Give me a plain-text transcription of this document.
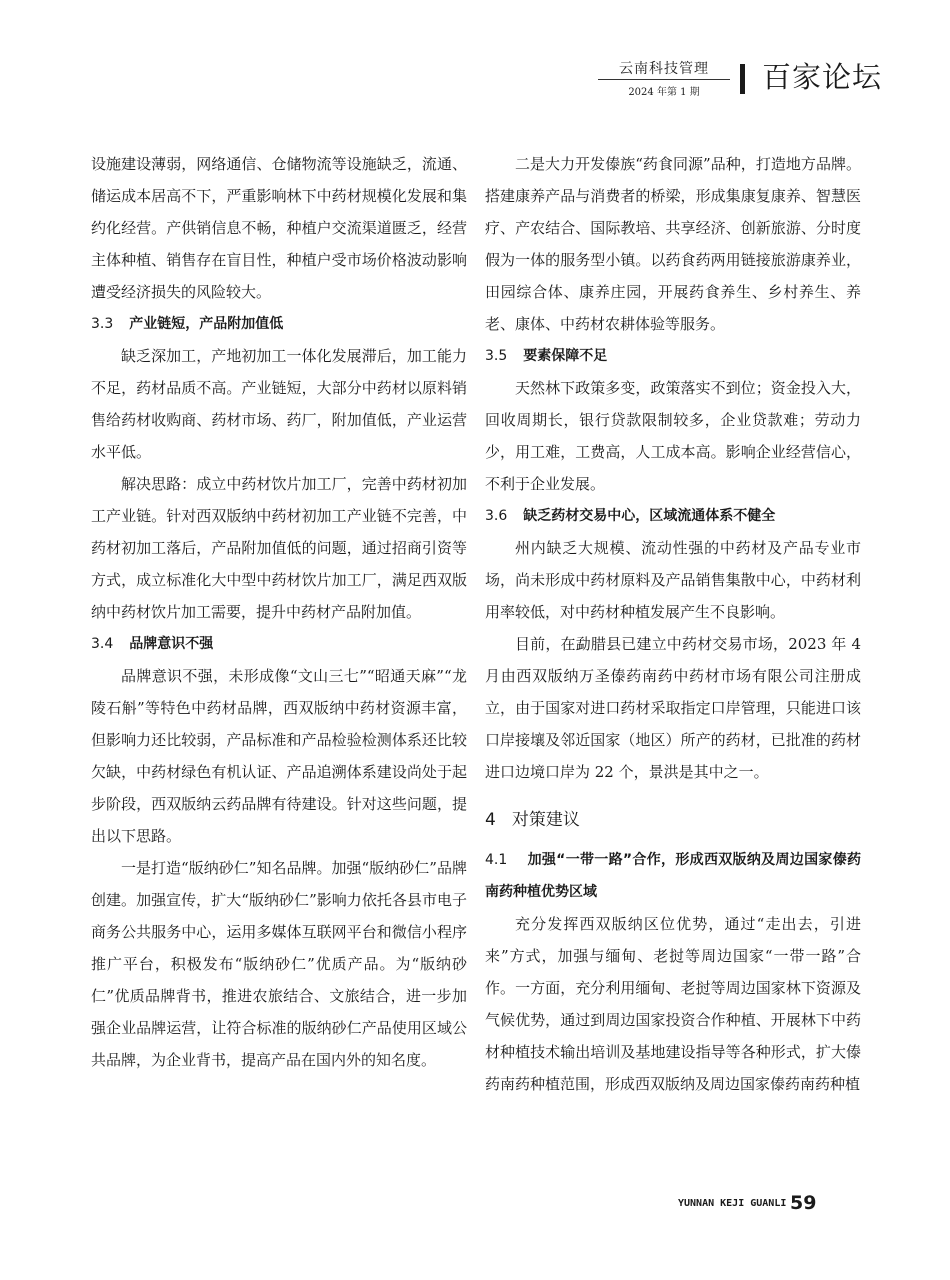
云南科技管理
2024 年第 1 期	百家论坛

设施建设薄弱，网络通信、仓储物流等设施缺乏，流通、储运成本居高不下，严重影响林下中药材规模化发展和集约化经营。产供销信息不畅，种植户交流渠道匮乏，经营主体种植、销售存在盲目性，种植户受市场价格波动影响遭受经济损失的风险较大。

3.3 产业链短，产品附加值低

缺乏深加工，产地初加工一体化发展滞后，加工能力不足，药材品质不高。产业链短，大部分中药材以原料销售给药材收购商、药材市场、药厂，附加值低，产业运营水平低。

解决思路：成立中药材饮片加工厂，完善中药材初加工产业链。针对西双版纳中药材初加工产业链不完善，中药材初加工落后，产品附加值低的问题，通过招商引资等方式，成立标准化大中型中药材饮片加工厂，满足西双版纳中药材饮片加工需要，提升中药材产品附加值。

3.4 品牌意识不强

品牌意识不强，未形成像“文山三七”“昭通天麻”“龙陵石斛”等特色中药材品牌，西双版纳中药材资源丰富，但影响力还比较弱，产品标准和产品检验检测体系还比较欠缺，中药材绿色有机认证、产品追溯体系建设尚处于起步阶段，西双版纳云药品牌有待建设。针对这些问题，提出以下思路。

一是打造“版纳砂仁”知名品牌。加强“版纳砂仁”品牌创建。加强宣传，扩大“版纳砂仁”影响力依托各县市电子商务公共服务中心，运用多媒体互联网平台和微信小程序推广平台，积极发布“版纳砂仁”优质产品。为“版纳砂仁”优质品牌背书，推进农旅结合、文旅结合，进一步加强企业品牌运营，让符合标准的版纳砂仁产品使用区域公共品牌，为企业背书，提高产品在国内外的知名度。

二是大力开发傣族“药食同源”品种，打造地方品牌。搭建康养产品与消费者的桥梁，形成集康复康养、智慧医疗、产农结合、国际教培、共享经济、创新旅游、分时度假为一体的服务型小镇。以药食药两用链接旅游康养业，田园综合体、康养庄园，开展药食养生、乡村养生、养老、康体、中药材农耕体验等服务。

3.5 要素保障不足

天然林下政策多变，政策落实不到位；资金投入大，回收周期长，银行贷款限制较多，企业贷款难；劳动力少，用工难，工费高，人工成本高。影响企业经营信心，不利于企业发展。

3.6 缺乏药材交易中心，区域流通体系不健全

州内缺乏大规模、流动性强的中药材及产品专业市场，尚未形成中药材原料及产品销售集散中心，中药材利用率较低，对中药材种植发展产生不良影响。

目前，在勐腊县已建立中药材交易市场，2023 年 4 月由西双版纳万圣傣药南药中药材市场有限公司注册成立，由于国家对进口药材采取指定口岸管理，只能进口该口岸接壤及邻近国家（地区）所产的药材，已批准的药材进口边境口岸为 22 个，景洪是其中之一。

4 对策建议
4.1 加强“一带一路”合作，形成西双版纳及周边国家傣药南药种植优势区域

充分发挥西双版纳区位优势，通过“走出去，引进来”方式，加强与缅甸、老挝等周边国家“一带一路”合作。一方面，充分利用缅甸、老挝等周边国家林下资源及气候优势，通过到周边国家投资合作种植、开展林下中药材种植技术输出培训及基地建设指导等各种形式，扩大傣药南药种植范围，形成西双版纳及周边国家傣药南药种植

YUNNAN KEJI GUANLI 59
